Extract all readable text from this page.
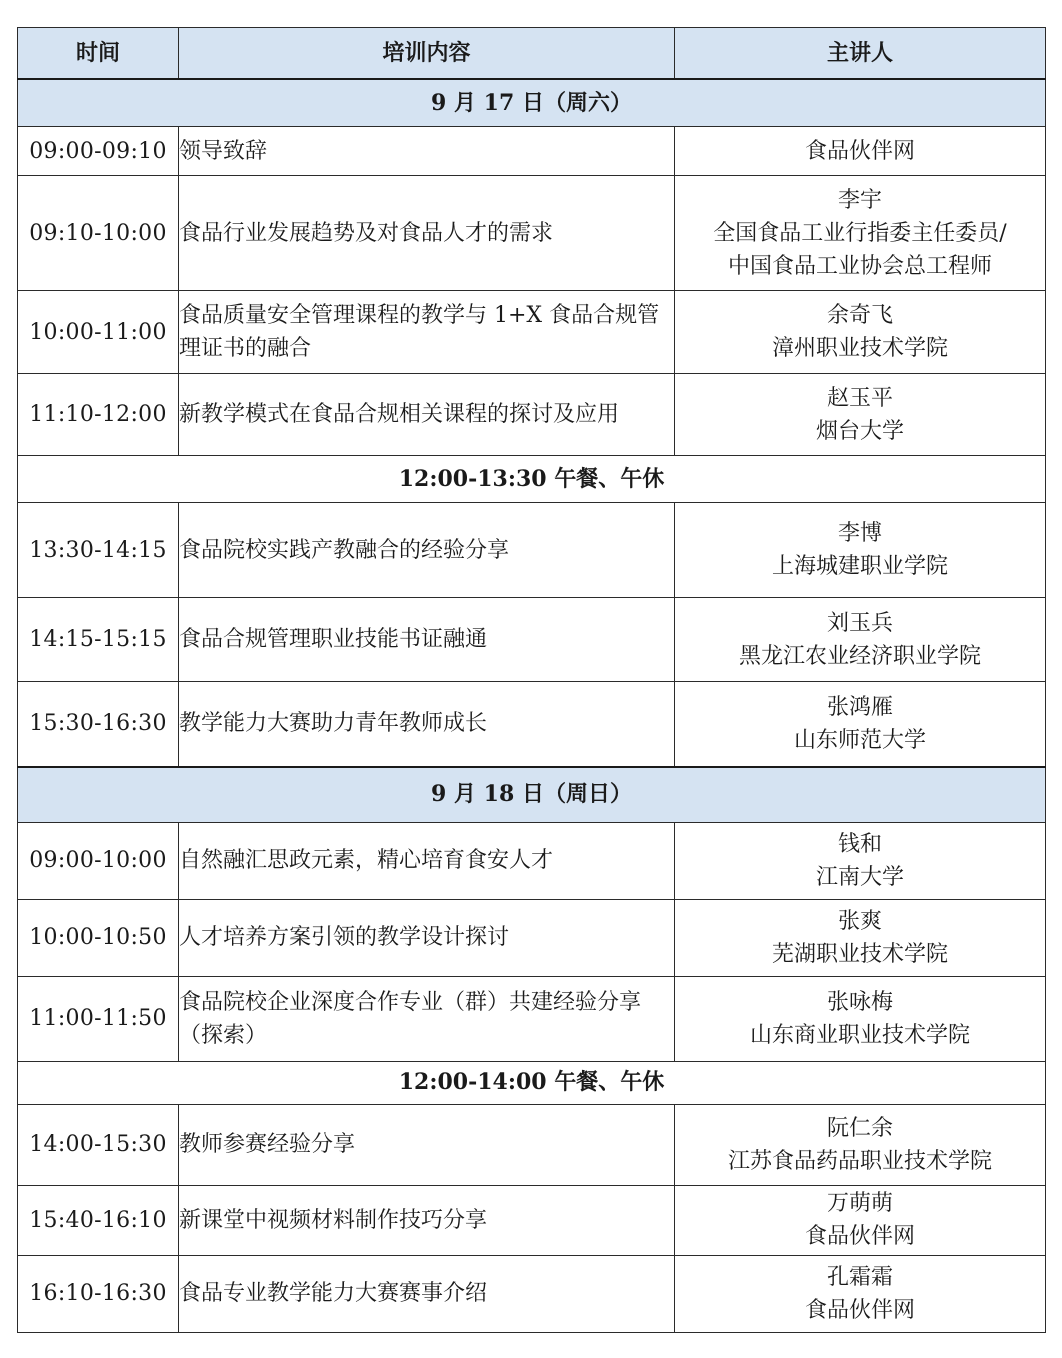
时间	培训内容	主讲人
9 月 17 日（周六）		
09:00-09:10	领导致辞	食品伙伴网

09:10-10:00	食品行业发展趋势及对食品人才的需求	李宇
全国食品工业行指委主任委员/
中国食品工业协会总工程师

10:00-11:00	食品质量安全管理课程的教学与 1+X 食品合规管理证书的融合	余奇飞
漳州职业技术学院

11:10-12:00	新教学模式在食品合规相关课程的探讨及应用	赵玉平
烟台大学

12:00-13:30 午餐、午休		
13:30-14:15	食品院校实践产教融合的经验分享	李博
上海城建职业学院

14:15-15:15	食品合规管理职业技能书证融通	刘玉兵
黑龙江农业经济职业学院

15:30-16:30	教学能力大赛助力青年教师成长	张鸿雁
山东师范大学

9 月 18 日（周日）		
09:00-10:00	自然融汇思政元素，精心培育食安人才	钱和
江南大学

10:00-10:50	人才培养方案引领的教学设计探讨	张爽
芜湖职业技术学院

11:00-11:50	食品院校企业深度合作专业（群）共建经验分享（探索）	张咏梅
山东商业职业技术学院

12:00-14:00 午餐、午休		
14:00-15:30	教师参赛经验分享	阮仁余
江苏食品药品职业技术学院

15:40-16:10	新课堂中视频材料制作技巧分享	万萌萌
食品伙伴网

16:10-16:30	食品专业教学能力大赛赛事介绍	孔霜霜
食品伙伴网
